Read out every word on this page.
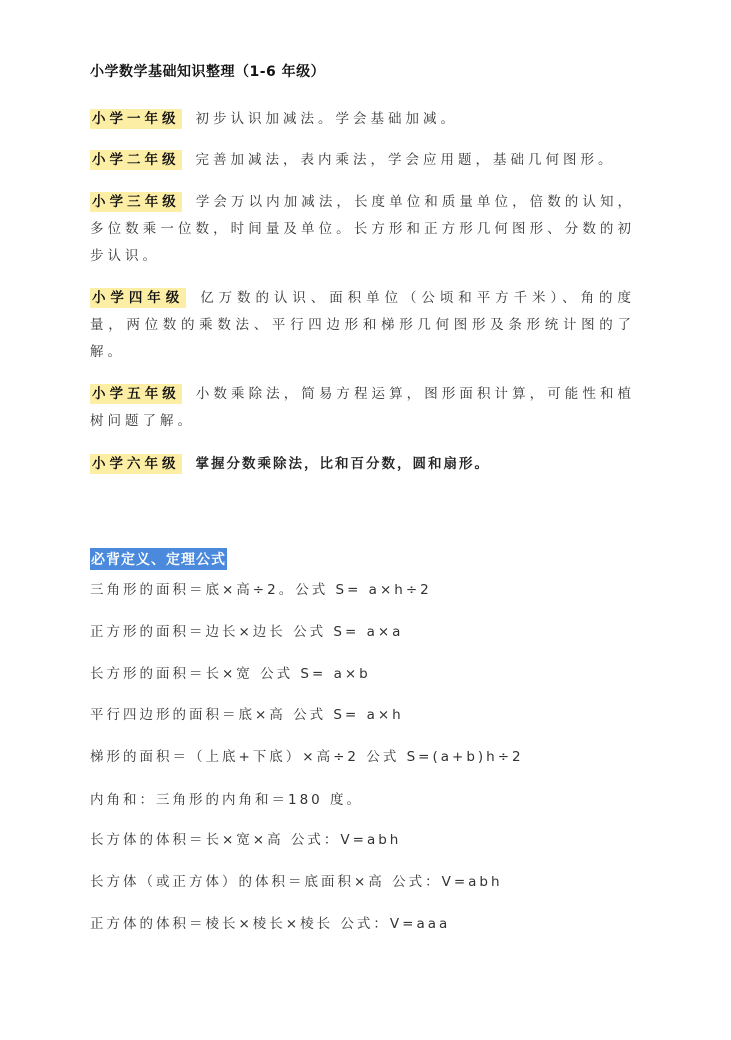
小学数学基础知识整理（1-6 年级）
小学一年级 初步认识加减法。学会基础加减。
小学二年级 完善加减法，表内乘法，学会应用题，基础几何图形。
小学三年级 学会万以内加减法，长度单位和质量单位，倍数的认知，多位数乘一位数，时间量及单位。长方形和正方形几何图形、分数的初步认识。
小学四年级 亿万数的认识、面积单位（公顷和平方千米）、角的度量，两位数的乘数法、平行四边形和梯形几何图形及条形统计图的了解。
小学五年级 小数乘除法，简易方程运算，图形面积计算，可能性和植树问题了解。
小学六年级 掌握分数乘除法，比和百分数，圆和扇形。
必背定义、定理公式
三角形的面积＝底×高÷2。公式 S= a×h÷2
正方形的面积＝边长×边长 公式 S= a×a
长方形的面积＝长×宽 公式 S= a×b
平行四边形的面积＝底×高 公式 S= a×h
梯形的面积＝（上底+下底）×高÷2 公式 S=(a+b)h÷2
内角和：三角形的内角和＝180 度。
长方体的体积＝长×宽×高 公式：V=abh
长方体（或正方体）的体积＝底面积×高 公式：V=abh
正方体的体积＝棱长×棱长×棱长 公式：V=aaa
